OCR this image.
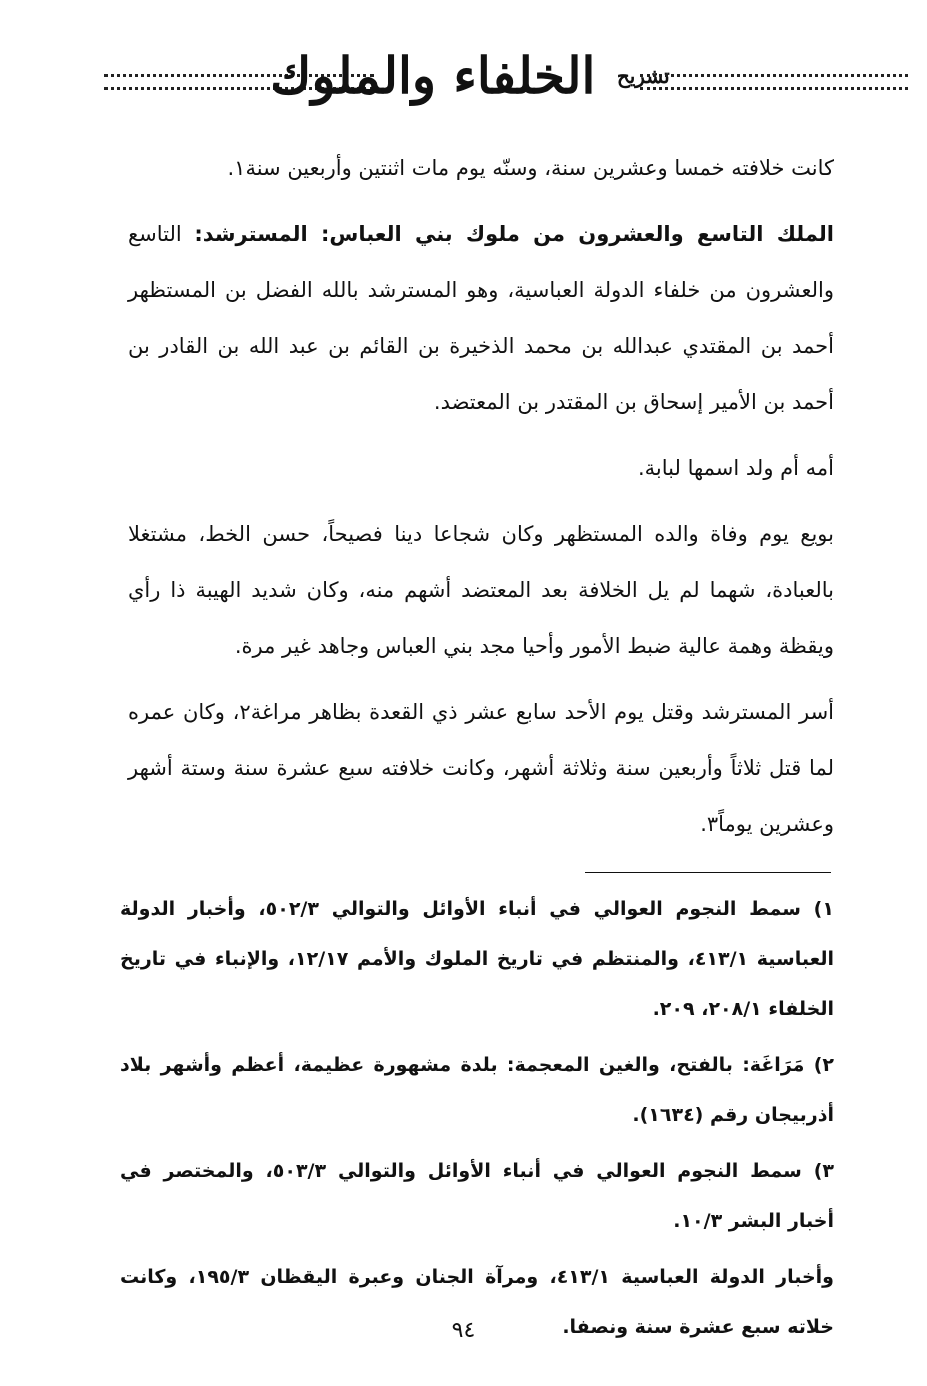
$^{تشريح}$ الخلفاء والملوك

كانت خلافته خمسا وعشرين سنة، وسنّه يوم مات اثنتين وأربعين سنة١.

الملك التاسع والعشرون من ملوك بني العباس: المسترشد: التاسع والعشرون من خلفاء الدولة العباسية، وهو المسترشد بالله الفضل بن المستظهر أحمد بن المقتدي عبدالله بن محمد الذخيرة بن القائم بن عبد الله بن القادر بن أحمد بن الأمير إسحاق بن المقتدر بن المعتضد.

أمه أم ولد اسمها لبابة.

بويع يوم وفاة والده المستظهر وكان شجاعا دينا فصيحاً، حسن الخط، مشتغلا بالعبادة، شهما لم يل الخلافة بعد المعتضد أشهم منه، وكان شديد الهيبة ذا رأي ويقظة وهمة عالية ضبط الأمور وأحيا مجد بني العباس وجاهد غير مرة.

أسر المسترشد وقتل يوم الأحد سابع عشر ذي القعدة بظاهر مراغة٢، وكان عمره لما قتل ثلاثاً وأربعين سنة وثلاثة أشهر، وكانت خلافته سبع عشرة سنة وستة أشهر وعشرين يوماً٣.

١) سمط النجوم العوالي في أنباء الأوائل والتوالي ٥٠٢/٣، وأخبار الدولة العباسية ٤١٣/١، والمنتظم في تاريخ الملوك والأمم ١٢/١٧، والإنباء في تاريخ الخلفاء ٢٠٨/١، ٢٠٩.

٢) مَرَاغَة: بالفتح، والغين المعجمة: بلدة مشهورة عظيمة، أعظم وأشهر بلاد أذربيجان رقم (١٦٣٤).

٣) سمط النجوم العوالي في أنباء الأوائل والتوالي ٥٠٣/٣، والمختصر في أخبار البشر ١٠/٣.

وأخبار الدولة العباسية ٤١٣/١، ومرآة الجنان وعبرة اليقظان ١٩٥/٣، وكانت خلاته سبع عشرة سنة ونصفا.

٩٤
